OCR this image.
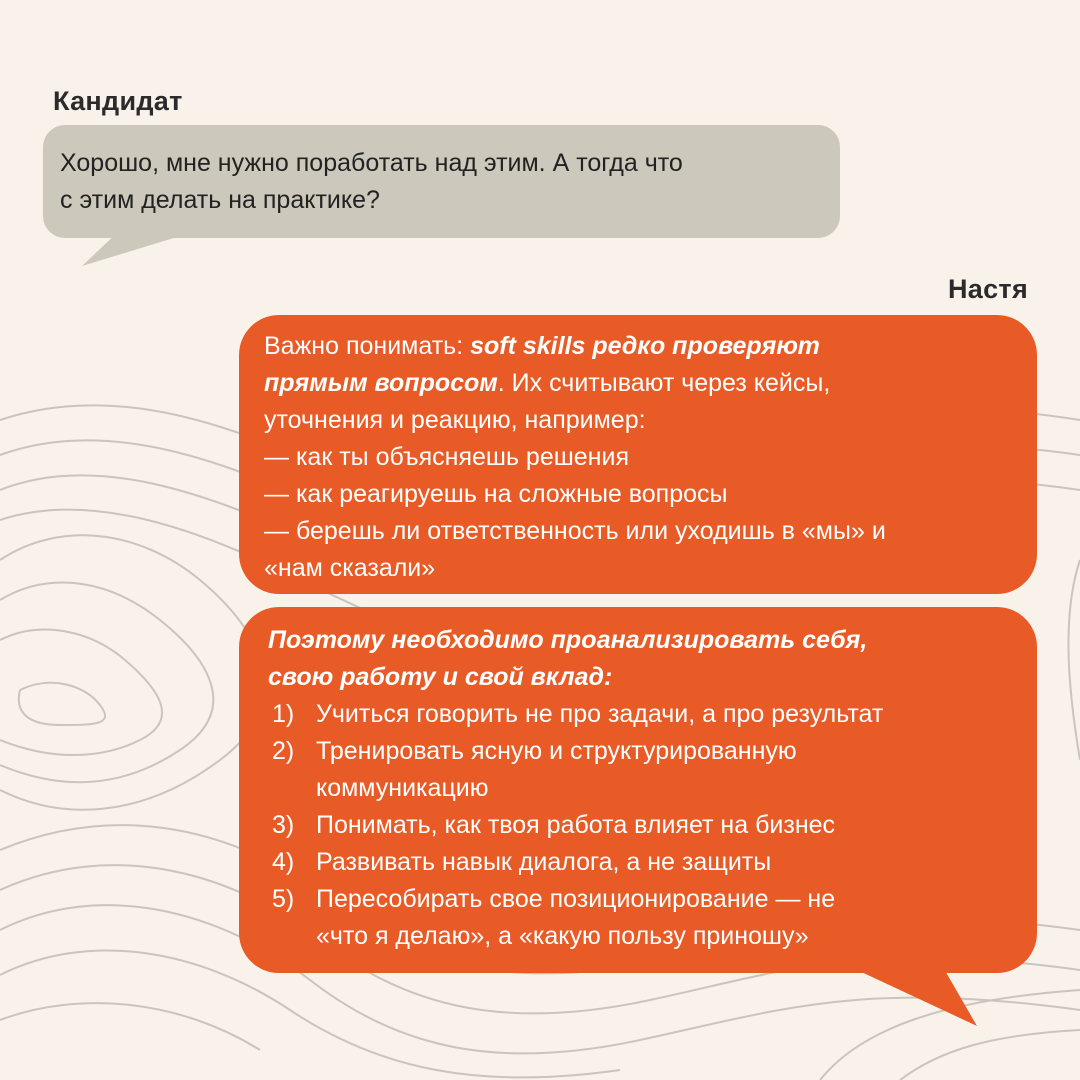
Кандидат
Хорошо, мне нужно поработать над этим. А тогда что
с этим делать на практике?
Настя
Важно понимать: soft skills редко проверяют
прямым вопросом. Их считывают через кейсы,
уточнения и реакцию, например:
— как ты объясняешь решения
— как реагируешь на сложные вопросы
— берешь ли ответственность или уходишь в «мы» и
«нам сказали»
Поэтому необходимо проанализировать себя,
свою работу и свой вклад:
1) Учиться говорить не про задачи, а про результат
2) Тренировать ясную и структурированную
коммуникацию
3) Понимать, как твоя работа влияет на бизнес
4) Развивать навык диалога, а не защиты
5) Пересобирать свое позиционирование — не
«что я делаю», а «какую пользу приношу»
